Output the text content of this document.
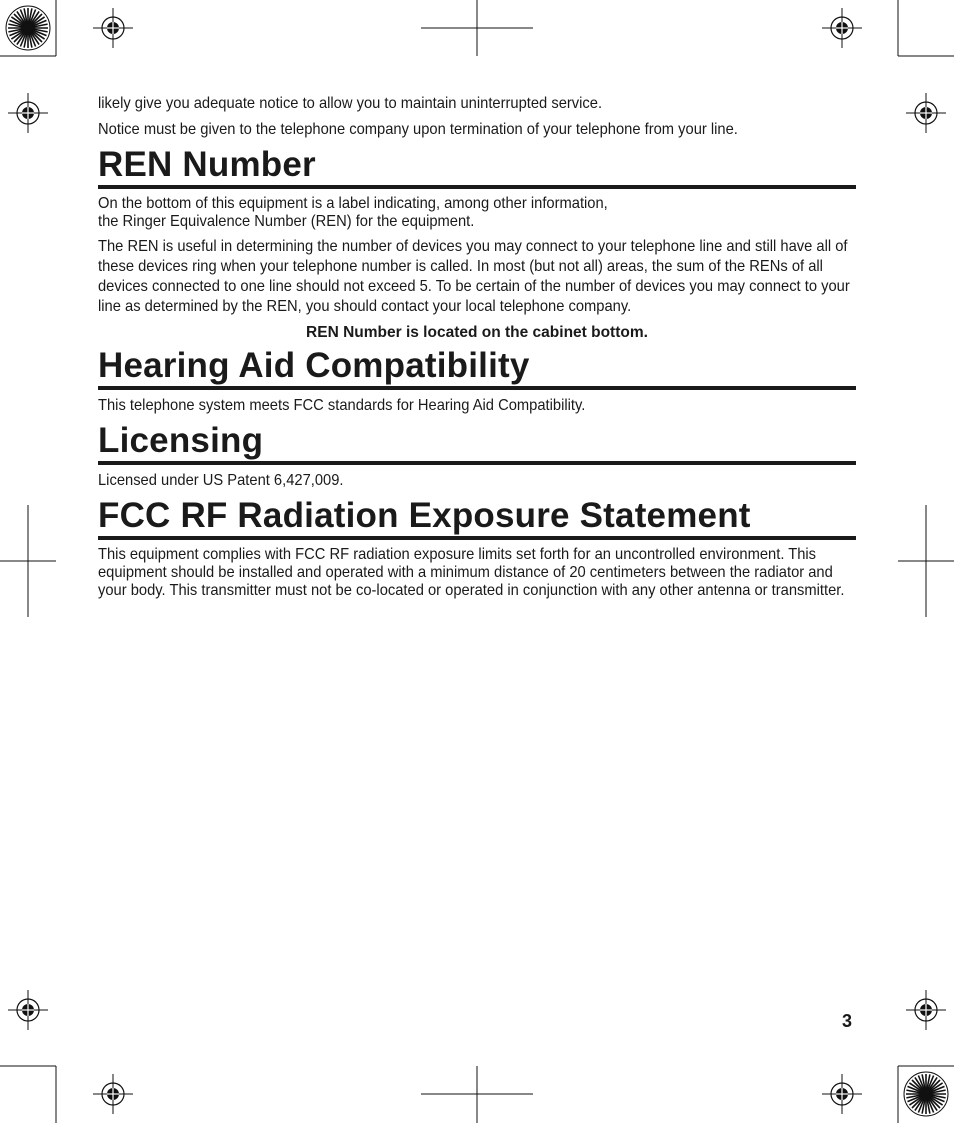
likely give you adequate notice to allow you to maintain uninterrupted service.

Notice must be given to the telephone company upon termination of your telephone from your line.

REN Number

On the bottom of this equipment is a label indicating, among other information, the Ringer Equivalence Number (REN) for the equipment.

The REN is useful in determining the number of devices you may connect to your telephone line and still have all of these devices ring when your telephone number is called. In most (but not all) areas, the sum of the RENs of all devices connected to one line should not exceed 5. To be certain of the number of devices you may connect to your line as determined by the REN, you should contact your local telephone company.

REN Number is located on the cabinet bottom.

Hearing Aid Compatibility

This telephone system meets FCC standards for Hearing Aid Compatibility.

Licensing

Licensed under US Patent 6,427,009.

FCC RF Radiation Exposure Statement

This equipment complies with FCC RF radiation exposure limits set forth for an uncontrolled environment. This equipment should be installed and operated with a minimum distance of 20 centimeters between the radiator and your body. This transmitter must not be co-located or operated in conjunction with any other antenna or transmitter.

3
